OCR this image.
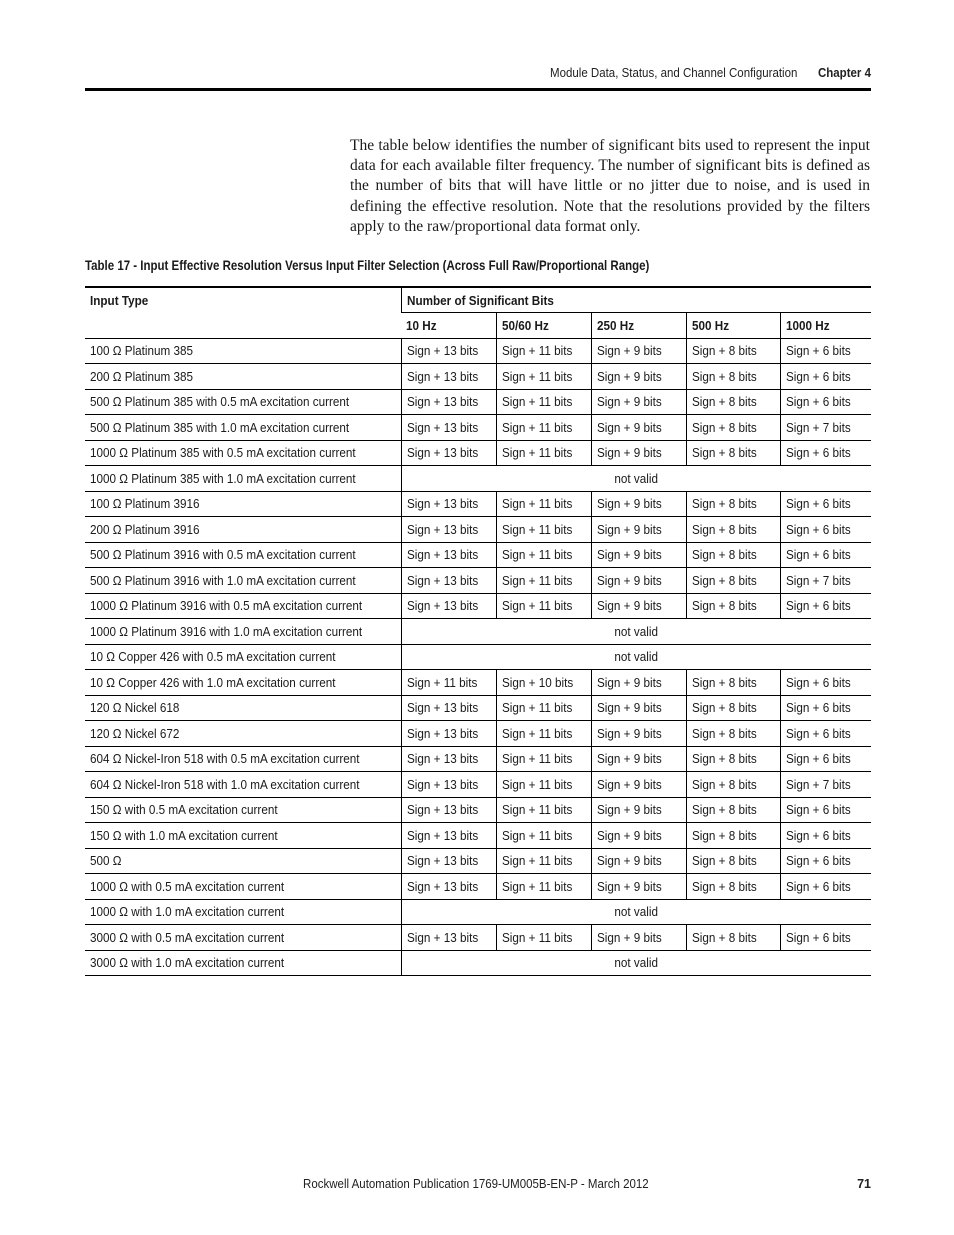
Module Data, Status, and Channel Configuration Chapter 4

The table below identifies the number of significant bits used to represent the input data for each available filter frequency. The number of significant bits is defined as the number of bits that will have little or no jitter due to noise, and is used in defining the effective resolution. Note that the resolutions provided by the filters apply to the raw/proportional data format only.

Table 17 - Input Effective Resolution Versus Input Filter Selection (Across Full Raw/Proportional Range)
Input Type	Number of Significant Bits				
	10 Hz	50/60 Hz	250 Hz	500 Hz	1000 Hz
100 Ω Platinum 385	Sign + 13 bits	Sign + 11 bits	Sign + 9 bits	Sign + 8 bits	Sign + 6 bits
200 Ω Platinum 385	Sign + 13 bits	Sign + 11 bits	Sign + 9 bits	Sign + 8 bits	Sign + 6 bits
500 Ω Platinum 385 with 0.5 mA excitation current	Sign + 13 bits	Sign + 11 bits	Sign + 9 bits	Sign + 8 bits	Sign + 6 bits
500 Ω Platinum 385 with 1.0 mA excitation current	Sign + 13 bits	Sign + 11 bits	Sign + 9 bits	Sign + 8 bits	Sign + 7 bits
1000 Ω Platinum 385 with 0.5 mA excitation current	Sign + 13 bits	Sign + 11 bits	Sign + 9 bits	Sign + 8 bits	Sign + 6 bits
1000 Ω Platinum 385 with 1.0 mA excitation current	not valid				
100 Ω Platinum 3916	Sign + 13 bits	Sign + 11 bits	Sign + 9 bits	Sign + 8 bits	Sign + 6 bits
200 Ω Platinum 3916	Sign + 13 bits	Sign + 11 bits	Sign + 9 bits	Sign + 8 bits	Sign + 6 bits
500 Ω Platinum 3916 with 0.5 mA excitation current	Sign + 13 bits	Sign + 11 bits	Sign + 9 bits	Sign + 8 bits	Sign + 6 bits
500 Ω Platinum 3916 with 1.0 mA excitation current	Sign + 13 bits	Sign + 11 bits	Sign + 9 bits	Sign + 8 bits	Sign + 7 bits
1000 Ω Platinum 3916 with 0.5 mA excitation current	Sign + 13 bits	Sign + 11 bits	Sign + 9 bits	Sign + 8 bits	Sign + 6 bits
1000 Ω Platinum 3916 with 1.0 mA excitation current	not valid				
10 Ω Copper 426 with 0.5 mA excitation current	not valid				
10 Ω Copper 426 with 1.0 mA excitation current	Sign + 11 bits	Sign + 10 bits	Sign + 9 bits	Sign + 8 bits	Sign + 6 bits
120 Ω Nickel 618	Sign + 13 bits	Sign + 11 bits	Sign + 9 bits	Sign + 8 bits	Sign + 6 bits
120 Ω Nickel 672	Sign + 13 bits	Sign + 11 bits	Sign + 9 bits	Sign + 8 bits	Sign + 6 bits
604 Ω Nickel-Iron 518 with 0.5 mA excitation current	Sign + 13 bits	Sign + 11 bits	Sign + 9 bits	Sign + 8 bits	Sign + 6 bits
604 Ω Nickel-Iron 518 with 1.0 mA excitation current	Sign + 13 bits	Sign + 11 bits	Sign + 9 bits	Sign + 8 bits	Sign + 7 bits
150 Ω with 0.5 mA excitation current	Sign + 13 bits	Sign + 11 bits	Sign + 9 bits	Sign + 8 bits	Sign + 6 bits
150 Ω with 1.0 mA excitation current	Sign + 13 bits	Sign + 11 bits	Sign + 9 bits	Sign + 8 bits	Sign + 6 bits
500 Ω	Sign + 13 bits	Sign + 11 bits	Sign + 9 bits	Sign + 8 bits	Sign + 6 bits
1000 Ω with 0.5 mA excitation current	Sign + 13 bits	Sign + 11 bits	Sign + 9 bits	Sign + 8 bits	Sign + 6 bits
1000 Ω with 1.0 mA excitation current	not valid				
3000 Ω with 0.5 mA excitation current	Sign + 13 bits	Sign + 11 bits	Sign + 9 bits	Sign + 8 bits	Sign + 6 bits
3000 Ω with 1.0 mA excitation current	not valid				
Rockwell Automation Publication 1769-UM005B-EN-P - March 2012	71
